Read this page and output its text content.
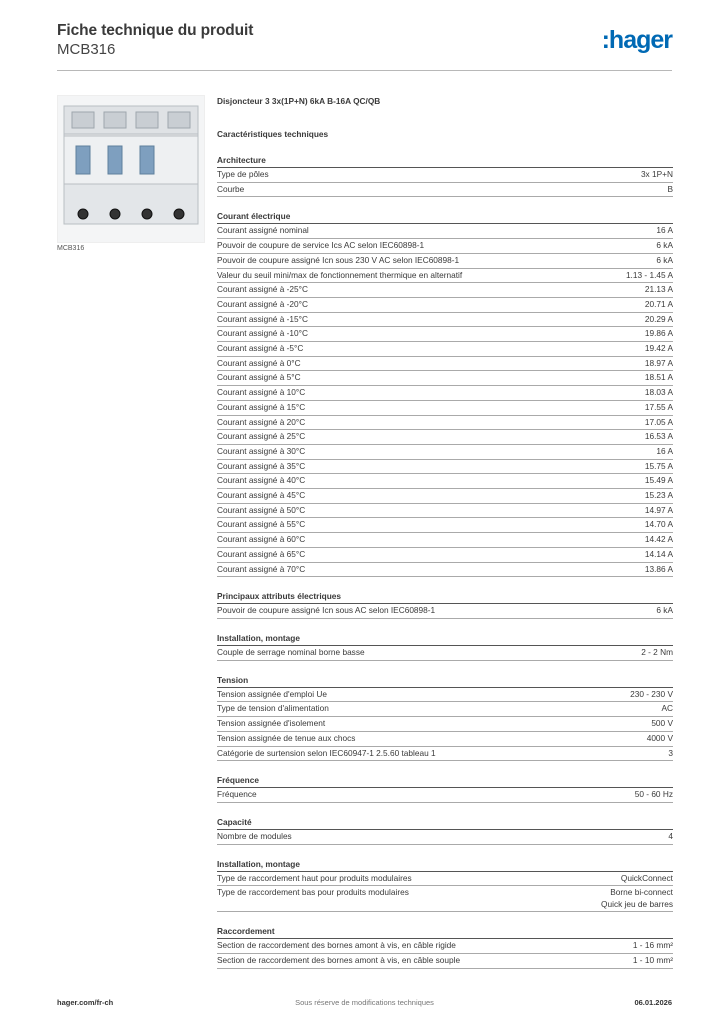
Fiche technique du produit
MCB316	:hager
MCB316
Disjoncteur 3 3x(1P+N) 6kA B-16A QC/QB
Caractéristiques techniques
Architecture
Type de pôles	3x 1P+N
Courbe	B
Courant électrique
Courant assigné nominal	16 A
Pouvoir de coupure de service Ics AC selon IEC60898-1	6 kA
Pouvoir de coupure assigné Icn sous 230 V AC selon IEC60898-1	6 kA
Valeur du seuil mini/max de fonctionnement thermique en alternatif	1.13 - 1.45 A
Courant assigné à -25°C	21.13 A
Courant assigné à -20°C	20.71 A
Courant assigné à -15°C	20.29 A
Courant assigné à -10°C	19.86 A
Courant assigné à -5°C	19.42 A
Courant assigné à 0°C	18.97 A
Courant assigné à 5°C	18.51 A
Courant assigné à 10°C	18.03 A
Courant assigné à 15°C	17.55 A
Courant assigné à 20°C	17.05 A
Courant assigné à 25°C	16.53 A
Courant assigné à 30°C	16 A
Courant assigné à 35°C	15.75 A
Courant assigné à 40°C	15.49 A
Courant assigné à 45°C	15.23 A
Courant assigné à 50°C	14.97 A
Courant assigné à 55°C	14.70 A
Courant assigné à 60°C	14.42 A
Courant assigné à 65°C	14.14 A
Courant assigné à 70°C	13.86 A
Principaux attributs électriques
Pouvoir de coupure assigné Icn sous AC selon IEC60898-1	6 kA
Installation, montage
Couple de serrage nominal borne basse	2 - 2 Nm
Tension
Tension assignée d'emploi Ue	230 - 230 V
Type de tension d'alimentation	AC
Tension assignée d'isolement	500 V
Tension assignée de tenue aux chocs	4000 V
Catégorie de surtension selon IEC60947-1 2.5.60 tableau 1	3
Fréquence
Fréquence	50 - 60 Hz
Capacité
Nombre de modules	4
Installation, montage
Type de raccordement haut pour produits modulaires	QuickConnect
Type de raccordement bas pour produits modulaires	Borne bi-connect
Quick jeu de barres
Raccordement
Section de raccordement des bornes amont à vis, en câble rigide	1 - 16 mm²
Section de raccordement des bornes amont à vis, en câble souple	1 - 10 mm²
hager.com/fr-ch	Sous réserve de modifications techniques	06.01.2026
